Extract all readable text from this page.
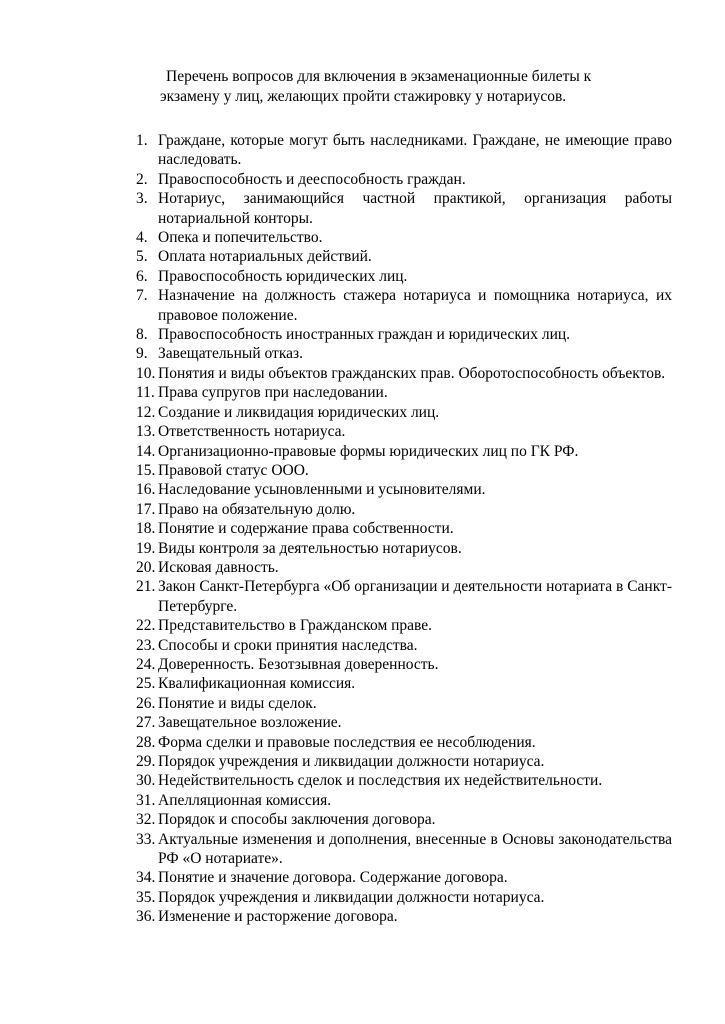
Перечень вопросов для включения в экзаменационные билеты к
экзамену у лиц, желающих пройти стажировку у нотариусов.
1. Граждане, которые могут быть наследниками. Граждане, не имеющие право наследовать.
2. Правоспособность и дееспособность граждан.
3. Нотариус, занимающийся частной практикой, организация работы нотариальной конторы.
4. Опека и попечительство.
5. Оплата нотариальных действий.
6. Правоспособность юридических лиц.
7. Назначение на должность стажера нотариуса и помощника нотариуса, их правовое положение.
8. Правоспособность иностранных граждан и юридических лиц.
9. Завещательный отказ.
10. Понятия и виды объектов гражданских прав. Оборотоспособность объектов.
11. Права супругов при наследовании.
12. Создание и ликвидация юридических лиц.
13. Ответственность нотариуса.
14. Организационно-правовые формы юридических лиц по ГК РФ.
15. Правовой статус ООО.
16. Наследование усыновленными и усыновителями.
17. Право на обязательную долю.
18. Понятие и содержание права собственности.
19. Виды контроля за деятельностью нотариусов.
20. Исковая давность.
21. Закон Санкт-Петербурга «Об организации и деятельности нотариата в Санкт-Петербурге.
22. Представительство в Гражданском праве.
23. Способы и сроки принятия наследства.
24. Доверенность. Безотзывная доверенность.
25. Квалификационная комиссия.
26. Понятие и виды сделок.
27. Завещательное возложение.
28. Форма сделки и правовые последствия ее несоблюдения.
29. Порядок учреждения и ликвидации должности нотариуса.
30. Недействительность сделок и последствия их недействительности.
31. Апелляционная комиссия.
32. Порядок и способы заключения договора.
33. Актуальные изменения и дополнения, внесенные в Основы законодательства РФ «О нотариате».
34. Понятие и значение договора. Содержание договора.
35. Порядок учреждения и ликвидации должности нотариуса.
36. Изменение и расторжение договора.
